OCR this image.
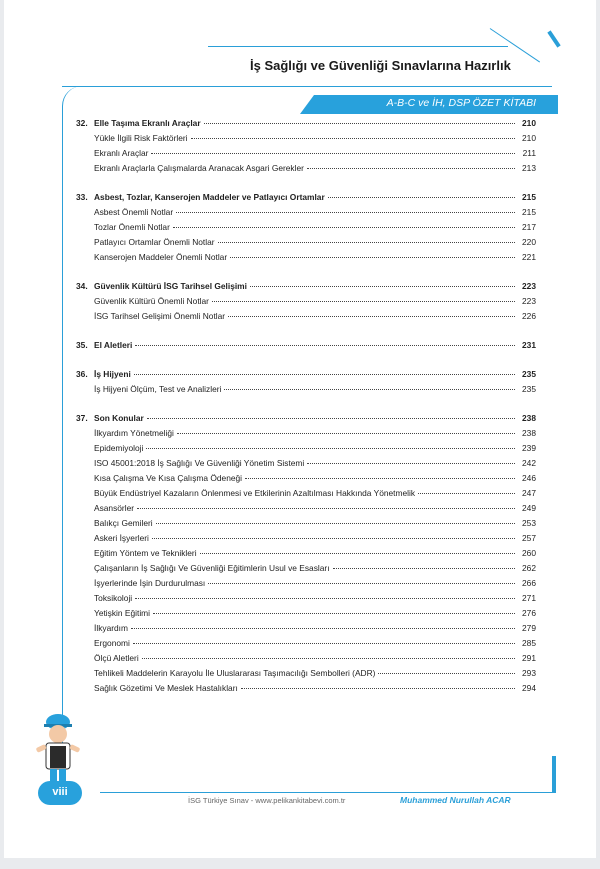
İş Sağlığı ve Güvenliği Sınavlarına Hazırlık
A-B-C ve İH, DSP ÖZET KİTABI
32. Elle Taşıma Ekranlı Araçlar	210
Yükle İlgili Risk Faktörleri	210
Ekranlı Araçlar	211
Ekranlı Araçlarla Çalışmalarda Aranacak Asgari Gerekler	213
33. Asbest, Tozlar, Kanserojen Maddeler ve Patlayıcı Ortamlar	215
Asbest Önemli Notlar	215
Tozlar Önemli Notlar	217
Patlayıcı Ortamlar Önemli Notlar	220
Kanserojen Maddeler Önemli Notlar	221
34. Güvenlik Kültürü İSG Tarihsel Gelişimi	223
Güvenlik Kültürü Önemli Notlar	223
İSG Tarihsel Gelişimi Önemli Notlar	226
35. El Aletleri	231
36. İş Hijyeni	235
İş Hijyeni Ölçüm, Test ve Analizleri	235
37. Son Konular	238
İlkyardım Yönetmeliği	238
Epidemiyoloji	239
ISO 45001:2018 İş Sağlığı Ve Güvenliği Yönetim Sistemi	242
Kısa Çalışma Ve Kısa Çalışma Ödeneği	246
Büyük Endüstriyel Kazaların Önlenmesi ve Etkilerinin Azaltılması Hakkında Yönetmelik	247
Asansörler	249
Balıkçı Gemileri	253
Askeri İşyerleri	257
Eğitim Yöntem ve Teknikleri	260
Çalışanların İş Sağlığı Ve Güvenliği Eğitimlerin Usul ve Esasları	262
İşyerlerinde İşin Durdurulması	266
Toksikoloji	271
Yetişkin Eğitimi	276
İlkyardım	279
Ergonomi	285
Ölçü Aletleri	291
Tehlikeli Maddelerin Karayolu İle Uluslararası Taşımacılığı Sembolleri (ADR)	293
Sağlık Gözetimi Ve Meslek Hastalıkları	294
viii
İSG Türkiye Sınav - www.pelikankitabevi.com.tr	Muhammed Nurullah ACAR
